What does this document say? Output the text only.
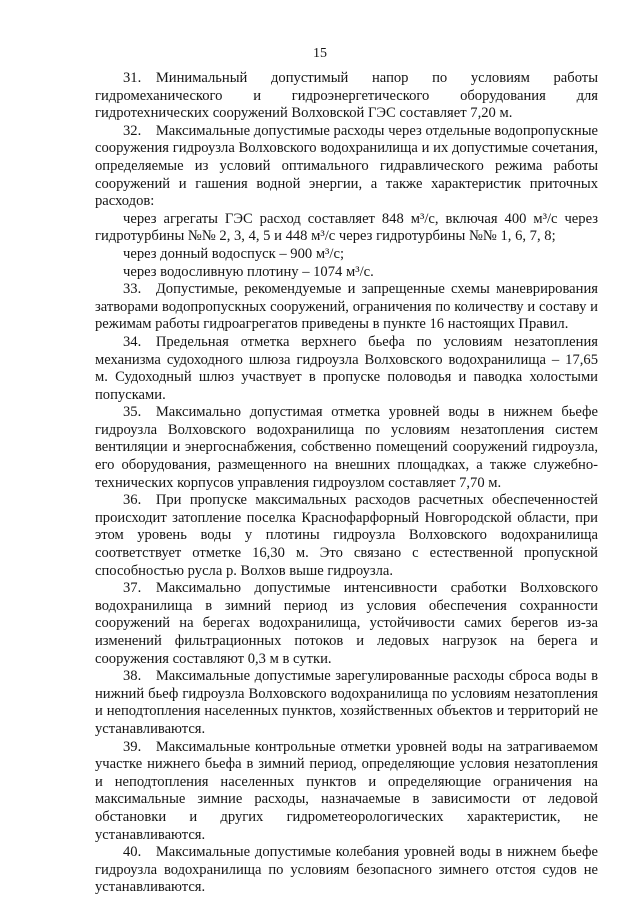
15

31. Минимальный допустимый напор по условиям работы гидромеханического и гидроэнергетического оборудования для гидротехнических сооружений Волховской ГЭС составляет 7,20 м.

32. Максимальные допустимые расходы через отдельные водопропускные сооружения гидроузла Волховского водохранилища и их допустимые сочетания, определяемые из условий оптимального гидравлического режима работы сооружений и гашения водной энергии, а также характеристик приточных расходов:

через агрегаты ГЭС расход составляет 848 м³/с, включая 400 м³/с через гидротурбины №№ 2, 3, 4, 5 и 448 м³/с через гидротурбины №№ 1, 6, 7, 8;

через донный водоспуск – 900 м³/с;

через водосливную плотину – 1074 м³/с.

33. Допустимые, рекомендуемые и запрещенные схемы маневрирования затворами водопропускных сооружений, ограничения по количеству и составу и режимам работы гидроагрегатов приведены в пункте 16 настоящих Правил.

34. Предельная отметка верхнего бьефа по условиям незатопления механизма судоходного шлюза гидроузла Волховского водохранилища – 17,65 м. Судоходный шлюз участвует в пропуске половодья и паводка холостыми попусками.

35. Максимально допустимая отметка уровней воды в нижнем бьефе гидроузла Волховского водохранилища по условиям незатопления систем вентиляции и энергоснабжения, собственно помещений сооружений гидроузла, его оборудования, размещенного на внешних площадках, а также служебно-технических корпусов управления гидроузлом составляет 7,70 м.

36. При пропуске максимальных расходов расчетных обеспеченностей происходит затопление поселка Краснофарфорный Новгородской области, при этом уровень воды у плотины гидроузла Волховского водохранилища соответствует отметке 16,30 м. Это связано с естественной пропускной способностью русла р. Волхов выше гидроузла.

37. Максимально допустимые интенсивности сработки Волховского водохранилища в зимний период из условия обеспечения сохранности сооружений на берегах водохранилища, устойчивости самих берегов из-за изменений фильтрационных потоков и ледовых нагрузок на берега и сооружения составляют 0,3 м в сутки.

38. Максимальные допустимые зарегулированные расходы сброса воды в нижний бьеф гидроузла Волховского водохранилища по условиям незатопления и неподтопления населенных пунктов, хозяйственных объектов и территорий не устанавливаются.

39. Максимальные контрольные отметки уровней воды на затрагиваемом участке нижнего бьефа в зимний период, определяющие условия незатопления и неподтопления населенных пунктов и определяющие ограничения на максимальные зимние расходы, назначаемые в зависимости от ледовой обстановки и других гидрометеорологических характеристик, не устанавливаются.

40. Максимальные допустимые колебания уровней воды в нижнем бьефе гидроузла водохранилища по условиям безопасного зимнего отстоя судов не устанавливаются.
